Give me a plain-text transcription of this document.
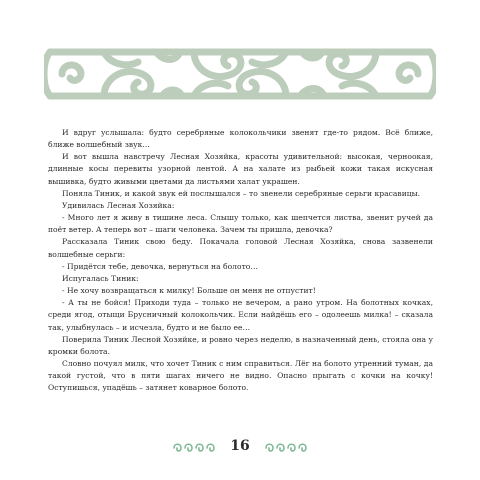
И вдруг услышала: будто серебряные колокольчики звенят где-то рядом. Всё ближе, ближе волшебный звук…

И вот вышла навстречу Лесная Хозяйка, красоты удивительной: высокая, черноокая, длинные косы перевиты узорной лентой. А на халате из рыбьей кожи такая искусная вышивка, будто живыми цветами да листьями халат украшен.

Поняла Тиник, и какой звук ей послышался – то звенели серебряные серьги красавицы.

Удивилась Лесная Хозяйка:

- Много лет я живу в тишине леса. Слышу только, как шепчется листва, звенит ручей да поёт ветер. А теперь вот – шаги человека. Зачем ты пришла, девочка?

Рассказала Тиник свою беду. Покачала головой Лесная Хозяйка, снова зазвенели волшебные серьги:

- Придётся тебе, девочка, вернуться на болото…

Испугалась Тиник:

- Не хочу возвращаться к милку! Больше он меня не отпустит!

- А ты не бойся! Приходи туда – только не вечером, а рано утром. На болотных кочках, среди ягод, отыщи Брусничный колокольчик. Если найдёшь его – одолеешь милка! – сказала так, улыбнулась – и исчезла, будто и не было ее…

Поверила Тиник Лесной Хозяйке, и ровно через неделю, в назначенный день, стояла она у кромки болота.

Словно почуял милк, что хочет Тиник с ним справиться. Лёг на болото утренний туман, да такой густой, что в пяти шагах ничего не видно. Опасно прыгать с кочки на кочку! Оступишься, упадёшь – затянет коварное болото.

16
